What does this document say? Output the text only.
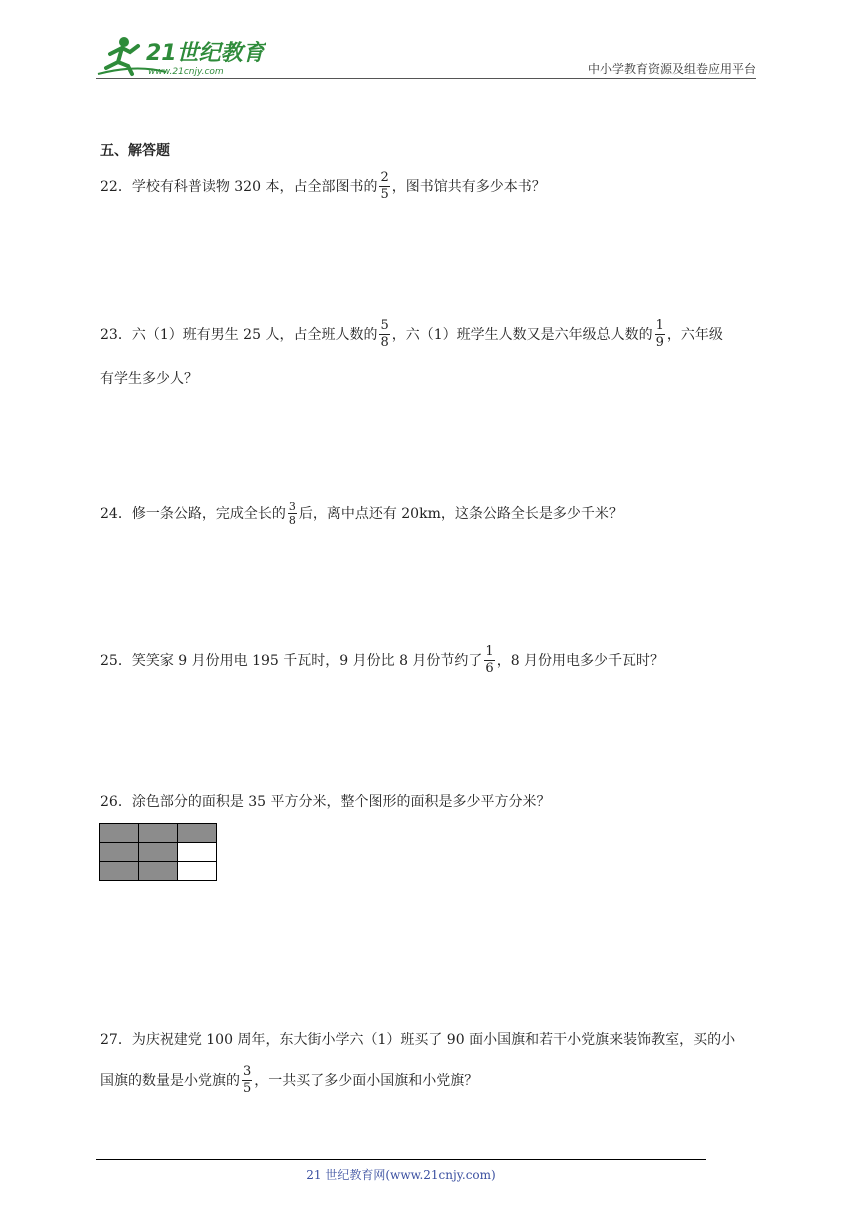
21世纪教育
www.21cnjy.com	中小学教育资源及组卷应用平台
五、解答题
22． 学校有科普读物 320 本，占全部图书的 $\frac{2}{5}$ ，图书馆共有多少本书？
23． 六（1）班有男生 25 人，占全班人数的 $\frac{5}{8}$ ，六（1）班学生人数又是六年级总人数的 $\frac{1}{9}$ ，六年级
有学生多少人？
24． 修一条公路，完成全长的 $\frac{3}{8}$ 后，离中点还有 20km，这条公路全长是多少千米？
25． 笑笑家 9 月份用电 195 千瓦时，9 月份比 8 月份节约了 $\frac{1}{6}$ ，8 月份用电多少千瓦时？
26． 涂色部分的面积是 35 平方分米，整个图形的面积是多少平方分米？

27． 为庆祝建党 100 周年，东大街小学六（1）班买了 90 面小国旗和若干小党旗来装饰教室，买的小
国旗的数量是小党旗的 $\frac{3}{5}$ ，一共买了多少面小国旗和小党旗？
21 世纪教育网(www.21cnjy.com)
